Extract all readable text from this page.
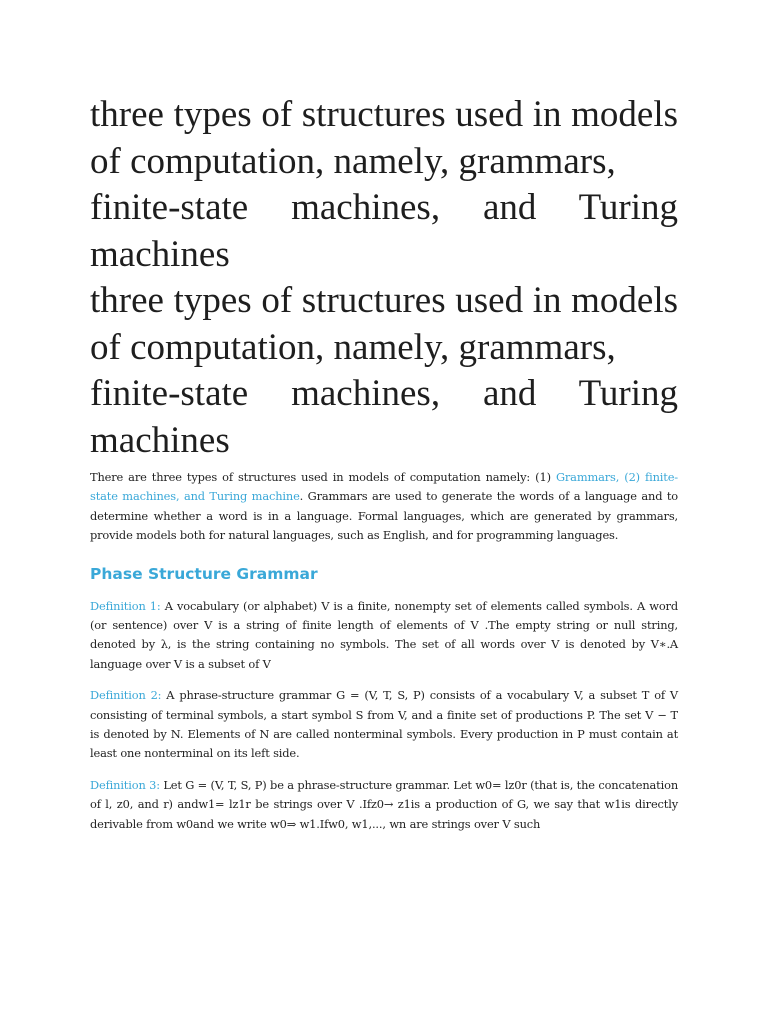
three types of structures used in models of computation, namely, grammars,

finite-state machines, and Turing machines

three types of structures used in models of computation, namely, grammars,

finite-state machines, and Turing machines

There are three types of structures used in models of computation namely: (1) Grammars, (2) finite-state machines, and Turing machine. Grammars are used to generate the words of a language and to determine whether a word is in a language. Formal languages, which are generated by grammars, provide models both for natural languages, such as English, and for programming languages.

Phase Structure Grammar

Definition 1: A vocabulary (or alphabet) V is a finite, nonempty set of elements called symbols. A word (or sentence) over V is a string of finite length of elements of V .The empty string or null string, denoted by λ, is the string containing no symbols. The set of all words over V is denoted by V∗.A language over V is a subset of V

Definition 2: A phrase-structure grammar G = (V, T, S, P) consists of a vocabulary V, a subset T of V consisting of terminal symbols, a start symbol S from V, and a finite set of productions P. The set V − T is denoted by N. Elements of N are called nonterminal symbols. Every production in P must contain at least one nonterminal on its left side.

Definition 3: Let G = (V, T, S, P) be a phrase-structure grammar. Let w0= lz0r (that is, the concatenation of l, z0, and r) andw1= lz1r be strings over V .Ifz0→ z1is a production of G, we say that w1is directly derivable from w0and we write w0⇒ w1.Ifw0, w1,..., wn are strings over V such
